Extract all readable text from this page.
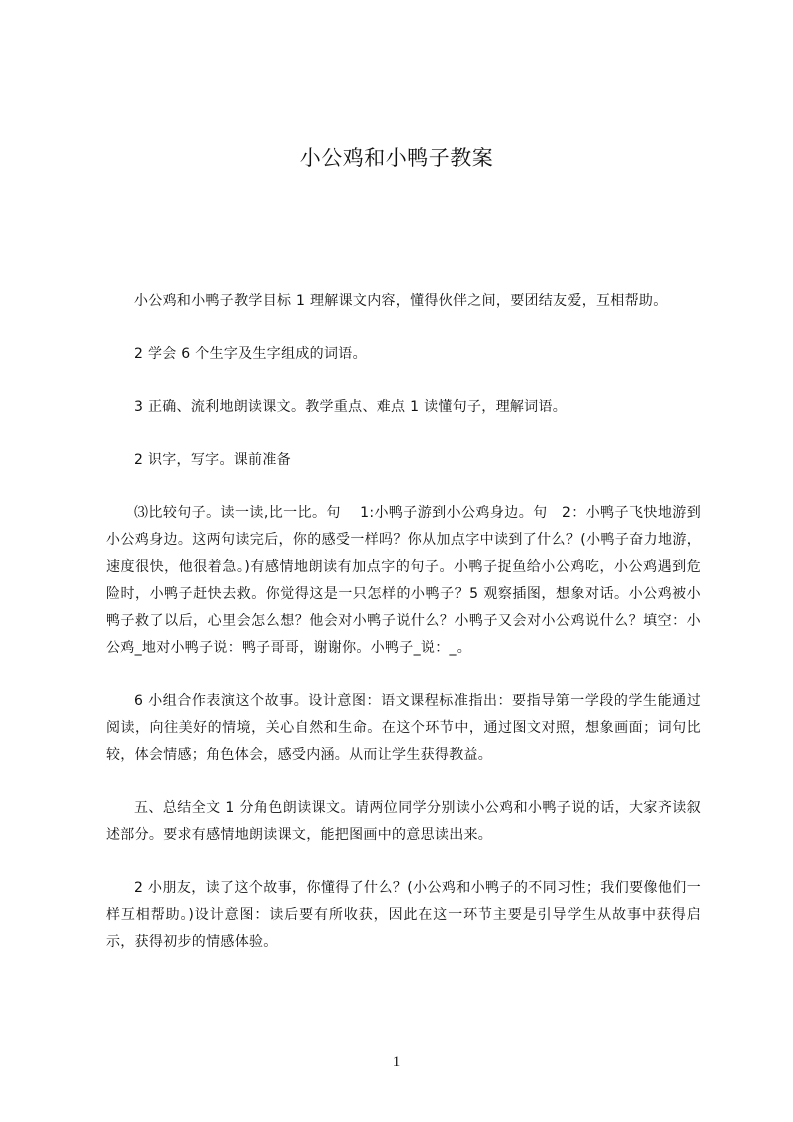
小公鸡和小鸭子教案

小公鸡和小鸭子教学目标 1 理解课文内容，懂得伙伴之间，要团结友爱，互相帮助。

2 学会 6 个生字及生字组成的词语。

3 正确、流利地朗读课文。教学重点、难点 1 读懂句子，理解词语。

2 识字，写字。课前准备

⑶比较句子。读一读,比一比。句　 1:小鸭子游到小公鸡身边。句　2：小鸭子飞快地游到小公鸡身边。这两句读完后，你的感受一样吗？你从加点字中读到了什么？(小鸭子奋力地游，速度很快，他很着急。)有感情地朗读有加点字的句子。小鸭子捉鱼给小公鸡吃，小公鸡遇到危险时，小鸭子赶快去救。你觉得这是一只怎样的小鸭子？5 观察插图，想象对话。小公鸡被小鸭子救了以后，心里会怎么想？他会对小鸭子说什么？小鸭子又会对小公鸡说什么？填空：小公鸡_地对小鸭子说：鸭子哥哥，谢谢你。小鸭子_说：_。

6 小组合作表演这个故事。设计意图：语文课程标准指出：要指导第一学段的学生能通过阅读，向往美好的情境，关心自然和生命。在这个环节中，通过图文对照，想象画面；词句比较，体会情感；角色体会，感受内涵。从而让学生获得教益。

五、总结全文 1 分角色朗读课文。请两位同学分别读小公鸡和小鸭子说的话，大家齐读叙述部分。要求有感情地朗读课文，能把图画中的意思读出来。

2 小朋友，读了这个故事，你懂得了什么？(小公鸡和小鸭子的不同习性；我们要像他们一样互相帮助。)设计意图：读后要有所收获，因此在这一环节主要是引导学生从故事中获得启示，获得初步的情感体验。

1
